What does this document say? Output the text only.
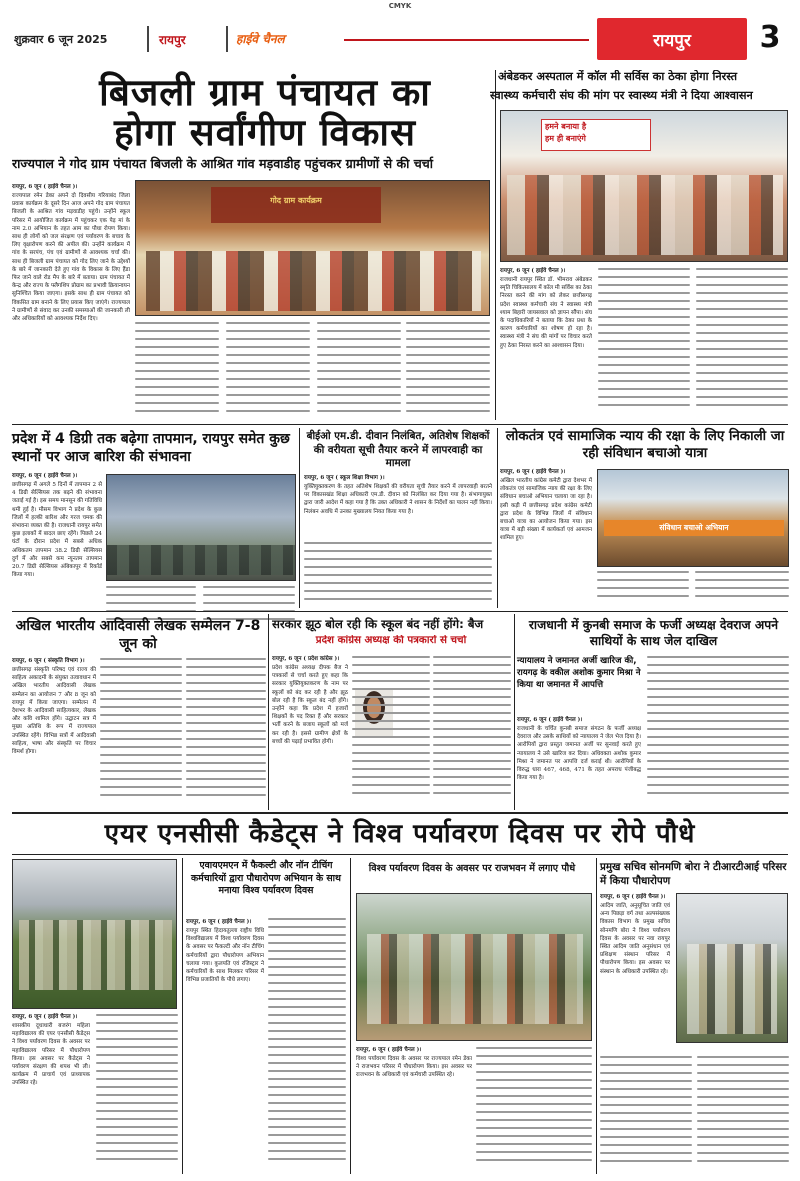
CMYK
शुक्रवार 6 जून 2025	रायपुर	हाईवे चैनल	रायपुर	3
बिजली ग्राम पंचायत का
होगा सर्वांगीण विकास
राज्यपाल ने गोद ग्राम पंचायत बिजली के आश्रित गांव मड़वाडीह पहुंचकर ग्रामीणों से की चर्चा
रायपुर, 6 जून ( हाईवे चैनल )।
राज्यपाल रमेन डेका अपने दो दिवसीय गरियाबंद जिला प्रवास कार्यक्रम के दूसरे दिन आज अपने गोद ग्राम पंचायत बिजली के आश्रित गांव मड़वाडीह पहुंचे। उन्होंने स्कूल परिसर में आयोजित कार्यक्रम में पहुंचकर एक पेड़ मां के नाम 2.0 अभियान के तहत आम का पौधा रोपण किया। साथ ही लोगों को जल संरक्षण एवं पर्यावरण के बचाव के लिए वृक्षारोपण करने की अपील की। उन्होंने कार्यक्रम में गांव के सरपंच, पंच एवं ग्रामीणों से आवश्यक चर्चा की। साथ ही बिजली ग्राम पंचायत को गोद लिए जाने के उद्देश्यों के बारे में जानकारी देते हुए गांव के विकास के लिए हैंडा फिर जाने वाले रोड मैप के बारे में बताया। ग्राम पंचायत में केन्द्र और राज्य के फ्लैगशिप प्रोग्राम का प्रभावी क्रियान्वयन सुनिश्चित किया जाएगा। इसके साथ ही ग्राम पंचायत को विकसित ग्राम बनाने के लिए प्रयास किए जाएंगे। राज्यपाल ने ग्रामीणों से संवाद कर उनकी समस्याओं की जानकारी ली और अधिकारियों को आवश्यक निर्देश दिए।
गोद ग्राम कार्यक्रम
अंबेडकर अस्पताल में कॉल मी सर्विस का ठेका होगा निरस्त
स्वास्थ्य कर्मचारी संघ की मांग पर स्वास्थ्य मंत्री ने दिया आश्वासन
हमने बनाया है
हम ही बनाएंगे
रायपुर, 6 जून ( हाईवे चैनल )।
राजधानी रायपुर स्थित डॉ. भीमराव अंबेडकर स्मृति चिकित्सालय में कॉल मी सर्विस का ठेका निरस्त करने की मांग को लेकर छत्तीसगढ़ प्रदेश स्वास्थ्य कर्मचारी संघ ने स्वास्थ्य मंत्री श्याम बिहारी जायसवाल को ज्ञापन सौंपा। संघ के पदाधिकारियों ने बताया कि ठेका प्रथा के कारण कर्मचारियों का शोषण हो रहा है। स्वास्थ्य मंत्री ने संघ की मांगों पर विचार करते हुए ठेका निरस्त करने का आश्वासन दिया।
प्रदेश में 4 डिग्री तक बढ़ेगा तापमान, रायपुर समेत कुछ स्थानों पर आज बारिश की संभावना
रायपुर, 6 जून ( हाईवे चैनल )।
छत्तीसगढ़ में अगले 5 दिनों में तापमान 2 से 4 डिग्री सेल्सियस तक बढ़ने की संभावना जताई गई है। इस समय मानसून की गतिविधि थमी हुई है। मौसम विभाग ने प्रदेश के कुछ जिलों में हल्की बारिश और गरज चमक की संभावना व्यक्त की है। राजधानी रायपुर समेत कुछ इलाकों में बादल छाए रहेंगे। पिछले 24 घंटों के दौरान प्रदेश में सबसे अधिक अधिकतम तापमान 38.2 डिग्री सेल्सियस दुर्ग में और सबसे कम न्यूनतम तापमान 20.7 डिग्री सेल्सियस अंबिकापुर में रिकॉर्ड किया गया।
बीईओ एम.डी. दीवान निलंबित, अतिशेष शिक्षकों की वरीयता सूची तैयार करने में लापरवाही का मामला
रायपुर, 6 जून ( स्कूल शिक्षा विभाग )।
युक्तियुक्तकरण के तहत अतिशेष शिक्षकों की वरीयता सूची तैयार करने में लापरवाही बरतने पर विकासखंड शिक्षा अधिकारी एम.डी. दीवान को निलंबित कर दिया गया है। संभागायुक्त द्वारा जारी आदेश में कहा गया है कि उक्त अधिकारी ने शासन के निर्देशों का पालन नहीं किया। निलंबन अवधि में उनका मुख्यालय नियत किया गया है।
लोकतंत्र एवं सामाजिक न्याय की रक्षा के लिए निकाली जा रही संविधान बचाओ यात्रा
रायपुर, 6 जून ( हाईवे चैनल )।
अखिल भारतीय कांग्रेस कमेटी द्वारा देशभर में लोकतंत्र एवं सामाजिक न्याय की रक्षा के लिए संविधान बचाओ अभियान चलाया जा रहा है। इसी कड़ी में छत्तीसगढ़ प्रदेश कांग्रेस कमेटी द्वारा प्रदेश के विभिन्न जिलों में संविधान बचाओ यात्रा का आयोजन किया गया। इस यात्रा में बड़ी संख्या में कार्यकर्ता एवं आमजन शामिल हुए।
संविधान बचाओ अभियान
अखिल भारतीय आदिवासी लेखक सम्मेलन 7-8 जून को
रायपुर, 6 जून ( संस्कृति विभाग )।
छत्तीसगढ़ संस्कृति परिषद एवं राज्य की साहित्य अकादमी के संयुक्त तत्वावधान में अखिल भारतीय आदिवासी लेखक सम्मेलन का आयोजन 7 और 8 जून को रायपुर में किया जाएगा। सम्मेलन में देशभर के आदिवासी साहित्यकार, लेखक और कवि शामिल होंगे। उद्घाटन सत्र में मुख्य अतिथि के रूप में राज्यपाल उपस्थित रहेंगे। विभिन्न सत्रों में आदिवासी साहित्य, भाषा और संस्कृति पर विचार विमर्श होगा।
सरकार झूठ बोल रही कि स्कूल बंद नहीं होंगे: बैज
प्रदेश कांग्रेस अध्यक्ष की पत्रकारों से चर्चा
रायपुर, 6 जून ( प्रदेश कांग्रेस )।
प्रदेश कांग्रेस अध्यक्ष दीपक बैज ने पत्रकारों से चर्चा करते हुए कहा कि सरकार युक्तियुक्तकरण के नाम पर स्कूलों को बंद कर रही है और झूठ बोल रही है कि स्कूल बंद नहीं होंगे। उन्होंने कहा कि प्रदेश में हजारों शिक्षकों के पद रिक्त हैं और सरकार भर्ती करने के बजाय स्कूलों को मर्ज कर रही है। इससे ग्रामीण क्षेत्रों के बच्चों की पढ़ाई प्रभावित होगी।
राजधानी में कुनबी समाज के फर्जी अध्यक्ष देवराज अपने साथियों के साथ जेल दाखिल
न्यायालय ने जमानत अर्जी खारिज की, रायगढ़ के वकील अशोक कुमार मिश्रा ने किया था जमानत में आपत्ति
रायपुर, 6 जून ( हाईवे चैनल )।
राजधानी के चर्चित कुनबी समाज संगठन के फर्जी अध्यक्ष देवराज और उसके साथियों को न्यायालय ने जेल भेज दिया है। आरोपियों द्वारा प्रस्तुत जमानत अर्जी पर सुनवाई करते हुए न्यायालय ने उसे खारिज कर दिया। अधिवक्ता अशोक कुमार मिश्रा ने जमानत पर आपत्ति दर्ज कराई थी। आरोपियों के विरुद्ध धारा 467, 468, 471 के तहत अपराध पंजीबद्ध किया गया है।
एयर एनसीसी कैडेट्स ने विश्व पर्यावरण दिवस पर रोपे पौधे
रायपुर, 6 जून ( हाईवे चैनल )।
शासकीय दूधाधारी बजरंग महिला महाविद्यालय की एयर एनसीसी कैडेट्स ने विश्व पर्यावरण दिवस के अवसर पर महाविद्यालय परिसर में पौधारोपण किया। इस अवसर पर कैडेट्स ने पर्यावरण संरक्षण की शपथ भी ली। कार्यक्रम में प्राचार्य एवं प्राध्यापक उपस्थित रहे।
एवायएमएन में फैकल्टी और नॉन टीचिंग कर्मचारियों द्वारा पौधारोपण अभियान के साथ मनाया विश्व पर्यावरण दिवस
रायपुर, 6 जून ( हाईवे चैनल )।
रायपुर स्थित हिदायतुल्ला राष्ट्रीय विधि विश्वविद्यालय में विश्व पर्यावरण दिवस के अवसर पर फैकल्टी और नॉन टीचिंग कर्मचारियों द्वारा पौधारोपण अभियान चलाया गया। कुलपति एवं रजिस्ट्रार ने कर्मचारियों के साथ मिलकर परिसर में विभिन्न प्रजातियों के पौधे लगाए।
विश्व पर्यावरण दिवस के अवसर पर राजभवन में लगाए पौधे
रायपुर, 6 जून ( हाईवे चैनल )।
विश्व पर्यावरण दिवस के अवसर पर राज्यपाल रमेन डेका ने राजभवन परिसर में पौधारोपण किया। इस अवसर पर राजभवन के अधिकारी एवं कर्मचारी उपस्थित रहे।
प्रमुख सचिव सोनमणि बोरा ने टीआरटीआई परिसर में किया पौधारोपण
रायपुर, 6 जून ( हाईवे चैनल )।
आदिम जाति, अनुसूचित जाति एवं अन्य पिछड़ा वर्ग तथा अल्पसंख्यक विकास विभाग के प्रमुख सचिव सोनमणि बोरा ने विश्व पर्यावरण दिवस के अवसर पर नवा रायपुर स्थित आदिम जाति अनुसंधान एवं प्रशिक्षण संस्थान परिसर में पौधारोपण किया। इस अवसर पर संस्थान के अधिकारी उपस्थित रहे।
